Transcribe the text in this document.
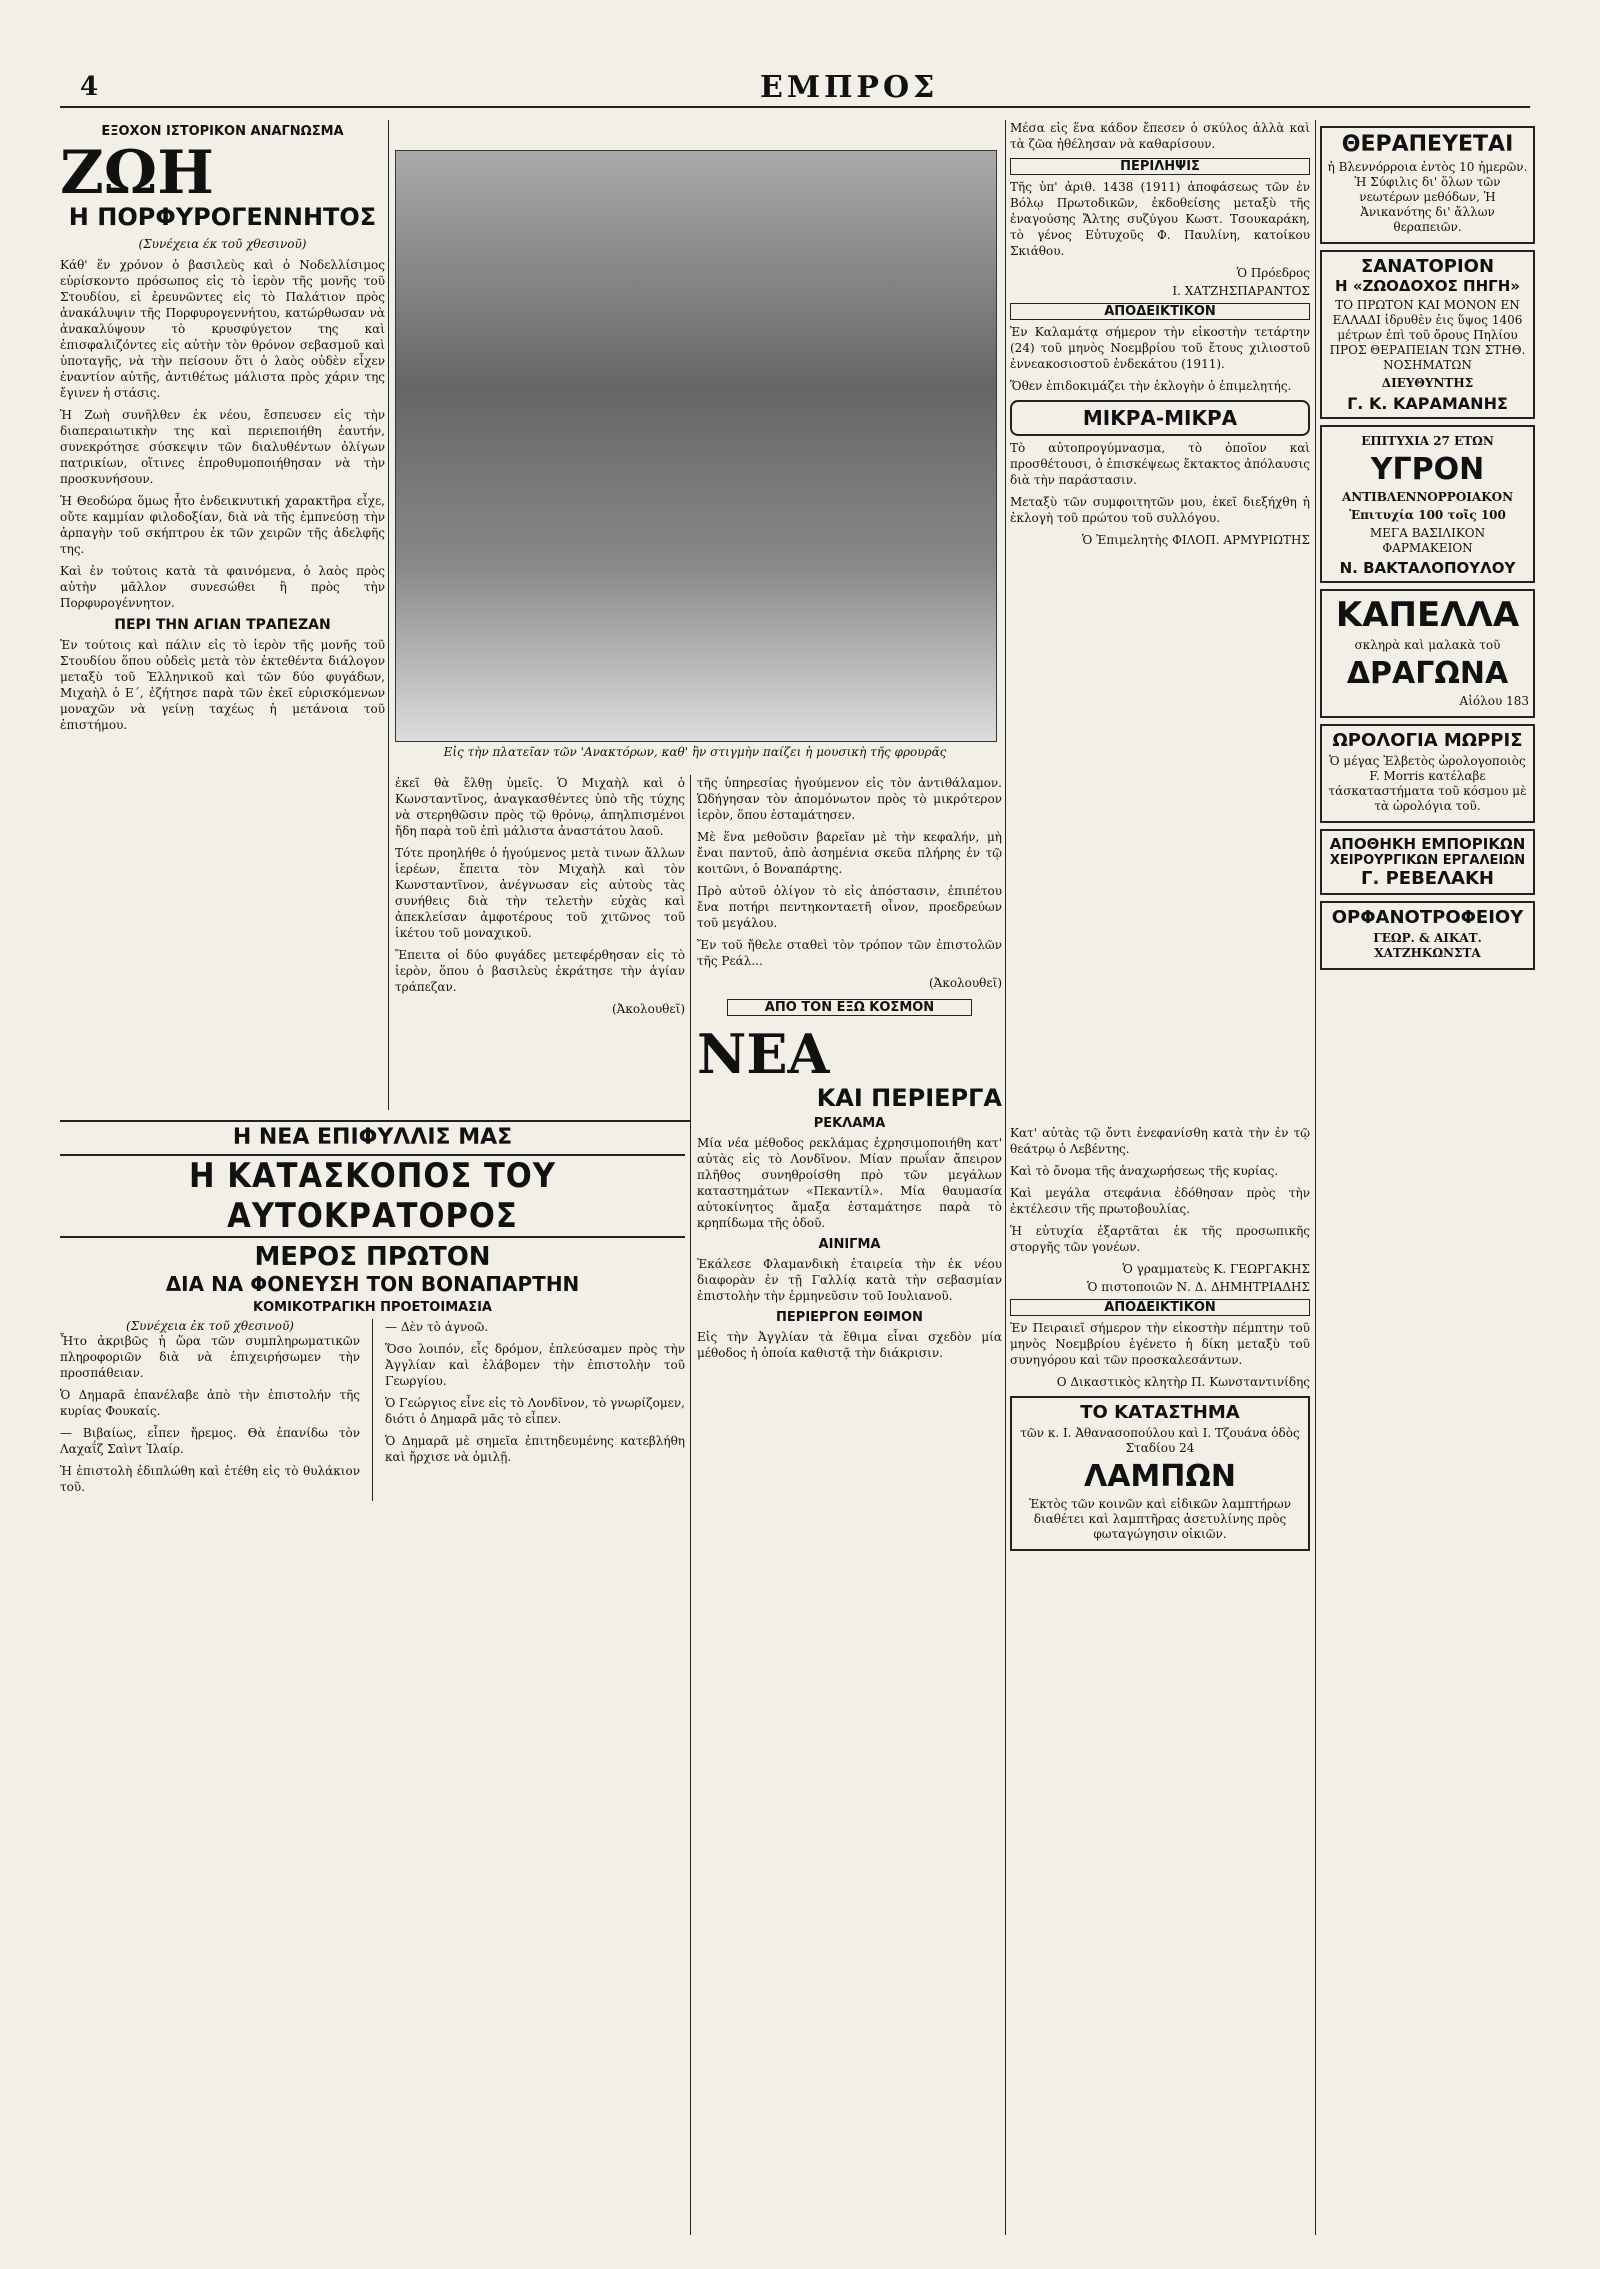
4	ΕΜΠΡΟΣ
ΕΞΟΧΟΝ ΙΣΤΟΡΙΚΟΝ ΑΝΑΓΝΩΣΜΑ
ΖΩΗ
Η ΠΟΡΦΥΡΟΓΕΝΝΗΤΟΣ
(Συνέχεια έκ τοῦ χθεσινοῦ)

Κάθ' ἕν χρόνον ὁ βασιλεὺς καὶ ὁ Νοδελλίσιμος εὑρίσκοντο πρόσωπος εἰς τὸ ἱερὸν τῆς μονῆς τοῦ Στουδίου, εἰ ἐρευνῶντες εἰς τὸ Παλάτιον πρὸς ἀνακάλυψιν τῆς Πορφυρογεννήτου, κατώρθωσαν νὰ ἀνακαλύψουν τὸ κρυσφύγετον της καὶ ἐπισφαλιζόντες εἰς αὐτὴν τὸν θρόνον σεβασμοῦ καὶ ὑποταγῆς, νὰ τὴν πείσουν ὅτι ὁ λαὸς οὐδὲν εἶχεν ἐναντίον αὐτῆς, ἀντιθέτως μάλιστα πρὸς χάριν της ἔγινεν ἡ στάσις.

Ἡ Ζωὴ συνῆλθεν ἐκ νέου, ἔσπευσεν εἰς τὴν διαπεραιωτικὴν της καὶ περιεποιήθη ἑαυτήν, συνεκρότησε σύσκεψιν τῶν διαλυθέντων ὀλίγων πατρικίων, οἵτινες ἐπροθυμοποιήθησαν νὰ τὴν προσκυνήσουν.

Ἡ Θεοδώρα ὅμως ἦτο ἐνδεικνυτική χαρακτῆρα εἶχε, οὔτε καμμίαν φιλοδοξίαν, διὰ νὰ τῆς ἐμπνεύσῃ τὴν ἁρπαγὴν τοῦ σκήπτρου ἐκ τῶν χειρῶν τῆς ἀδελφῆς της.

Καὶ ἐν τούτοις κατὰ τὰ φαινόμενα, ὁ λαὸς πρὸς αὐτὴν μᾶλλον συνεσώθει ἢ πρὸς τὴν Πορφυρογέννητον.

ΠΕΡΙ ΤΗΝ ΑΓΙΑΝ ΤΡΑΠΕΖΑΝ

Ἐν τούτοις καὶ πάλιν εἰς τὸ ἱερὸν τῆς μονῆς τοῦ Στουδίου ὅπου οὐδεὶς μετὰ τὸν ἐκτεθέντα διάλογον μεταξὺ τοῦ Ἑλληνικοῦ καὶ τῶν δύο φυγάδων, Μιχαὴλ ὁ Ε΄, ἐζήτησε παρὰ τῶν ἐκεῖ εὑρισκόμενων μοναχῶν νὰ γείνῃ ταχέως ἡ μετάνοια τοῦ ἐπιστήμου.

Εἰς τὴν πλατεῖαν τῶν 'Ανακτόρων, καθ' ἣν στιγμὴν παίζει ἡ μουσικὴ τῆς φρουρᾶς

ἐκεῖ θὰ ἔλθῃ ὑμεῖς. Ὁ Μιχαὴλ καὶ ὁ Κωνσταντῖνος, ἀναγκασθέντες ὑπὸ τῆς τύχης νὰ στερηθῶσιν πρὸς τῷ θρόνῳ, ἀπηλπισμένοι ἤδη παρὰ τοῦ ἐπὶ μάλιστα ἀναστάτου λαοῦ.

Τότε προηλήθε ὁ ἡγούμενος μετὰ τινων ἄλλων ἱερέων, ἔπειτα τὸν Μιχαὴλ καὶ τὸν Κωνσταντῖνον, ἀνέγνωσαν εἰς αὐτοὺς τὰς συνήθεις διὰ τὴν τελετὴν εὐχὰς καὶ ἀπεκλείσαν ἀμφοτέρους τοῦ χιτῶνος τοῦ ἱκέτου τοῦ μοναχικοῦ.

Ἔπειτα οἱ δύο φυγάδες μετεφέρθησαν εἰς τὸ ἱερὸν, ὅπου ὁ βασιλεὺς ἐκράτησε τὴν ἁγίαν τράπεζαν.

(Ἀκολουθεῖ)

τῆς ὑπηρεσίας ἡγούμενον εἰς τὸν ἀντιθάλαμον. Ὡδήγησαν τὸν ἀπομόνωτον πρὸς τὸ μικρότερον ἱερὸν, ὅπου ἐσταμάτησεν.

Μὲ ἕνα μεθοῦσιν βαρεῖαν μὲ τὴν κεφαλήν, μὴ ἔναι παντοῦ, ἀπὸ ἀσημένια σκεῦα πλήρης ἐν τῷ κοιτῶνι, ὁ Βοναπάρτης.

Πρὸ αὐτοῦ ὀλίγον τὸ εἰς ἀπόστασιν, ἐπιπέτου ἔνα ποτήρι πεντηκονταετῆ οἶνον, προεδρεύων τοῦ μεγάλου.

Ἔν τοῦ ἤθελε σταθεὶ τὸν τρόπον τῶν ἐπιστολῶν τῆς Ρεάλ...

(Ἀκολουθεῖ)
ΑΠΟ ΤΟΝ ΕΞΩ ΚΟΣΜΟΝ
ΝΕΑ
ΚΑΙ ΠΕΡΙΕΡΓΑ
ΡΕΚΛΑΜΑ

Μία νέα μέθοδος ρεκλάμας ἐχρησιμοποιήθη κατ' αὐτὰς εἰς τὸ Λονδῖνον. Μίαν πρωΐαν ἄπειρον πλῆθος συνηθροίσθη πρὸ τῶν μεγάλων καταστημάτων «Πεκαντίλ». Μία θαυμασία αὐτοκίνητος ἄμαξα ἐσταμάτησε παρὰ τὸ κρηπίδωμα τῆς ὁδοῦ.

ΑΙΝΙΓΜΑ

Ἐκάλεσε Φλαμανδικὴ ἐταιρεία τὴν ἐκ νέου διαφορὰν ἐν τῇ Γαλλίᾳ κατὰ τὴν σεβασμίαν ἐπιστολὴν τὴν ἑρμηνεῦσιν τοῦ Ιουλιανοῦ.

ΠΕΡΙΕΡΓΟΝ ΕΘΙΜΟΝ

Εἰς τὴν Ἀγγλίαν τὰ ἔθιμα εἶναι σχεδὸν μία μέθοδος ἡ ὁποία καθιστᾷ τὴν διάκρισιν.

Μέσα εἰς ἕνα κάδον ἔπεσεν ὁ σκύλος ἀλλὰ καὶ τὰ ζῶα ἠθέλησαν νὰ καθαρίσουν.

ΠΕΡΙΛΗΨΙΣ

Τῆς ὑπ' ἀριθ. 1438 (1911) ἀποφάσεως τῶν ἐν Βόλῳ Πρωτοδικῶν, ἐκδοθείσης μεταξὺ τῆς ἐναγούσης Ἄλτης συζύγου Κωστ. Τσουκαράκη, τὸ γένος Εὐτυχοῦς Φ. Παυλίνη, κατοίκου Σκιάθου.

Ὁ Πρόεδρος
Ι. ΧΑΤΖΗΣΠΑΡΑΝΤΟΣ
ΑΠΟΔΕΙΚΤΙΚΟΝ

Ἐν Καλαμάτᾳ σήμερον τὴν εἰκοστὴν τετάρτην (24) τοῦ μηνὸς Νοεμβρίου τοῦ ἔτους χιλιοστοῦ ἐννεακοσιοστοῦ ἑνδεκάτου (1911).

Ὅθεν ἐπιδοκιμάζει τὴν ἐκλογὴν ὁ ἐπιμελητής.

ΜΙΚΡΑ-ΜΙΚΡΑ

Τὸ αὐτοπρογύμνασμα, τὸ ὁποῖον καὶ προσθέτουσι, ὁ ἐπισκέψεως ἔκτακτος ἀπόλαυσις διὰ τὴν παράστασιν.

Μεταξὺ τῶν συμφοιτητῶν μου, ἐκεῖ διεξήχθη ἡ ἐκλογὴ τοῦ πρώτου τοῦ συλλόγου.

Ὁ Ἐπιμελητὴς ΦΙΛΟΠ. ΑΡΜΥΡΙΩΤΗΣ

Κατ' αὐτὰς τῷ ὄντι ἐνεφανίσθη κατὰ τὴν ἐν τῷ θεάτρῳ ὁ Λεβέντης.

Καὶ τὸ ὄνομα τῆς ἀναχωρήσεως τῆς κυρίας.

Καὶ μεγάλα στεφάνια ἐδόθησαν πρὸς τὴν ἐκτέλεσιν τῆς πρωτοβουλίας.

Ἡ εὐτυχία ἐξαρτᾶται ἐκ τῆς προσωπικῆς στοργῆς τῶν γονέων.

Ὁ γραμματεὺς Κ. ΓΕΩΡΓΑΚΗΣ
Ὁ πιστοποιῶν Ν. Δ. ΔΗΜΗΤΡΙΑΔΗΣ
ΑΠΟΔΕΙΚΤΙΚΟΝ

Ἐν Πειραιεῖ σήμερον τὴν εἰκοστὴν πέμπτην τοῦ μηνὸς Νοεμβρίου ἐγένετο ἡ δίκη μεταξὺ τοῦ συνηγόρου καὶ τῶν προσκαλεσάντων.

Ο Δικαστικὸς κλητὴρ Π. Κωνσταντινίδης
ΤΟ ΚΑΤΑΣΤΗΜΑ
τῶν κ. Ι. Ἀθανασοπούλου καὶ Ι. Τζουάνα ὁδὸς Σταδίου 24
ΛΑΜΠΩΝ
Ἐκτὸς τῶν κοινῶν καὶ εἰδικῶν λαμπτήρων διαθέτει καὶ λαμπτῆρας ἀσετυλίνης πρὸς φωταγώγησιν οἰκιῶν.
ΘΕΡΑΠΕΥΕΤΑΙ
ἡ Βλεννόρροια ἐντὸς 10 ἡμερῶν. Ἡ Σύφιλις δι' ὅλων τῶν νεωτέρων μεθόδων, Ἡ Ἀνικανότης δι' ἄλλων θεραπειῶν.
ΣΑΝΑΤΟΡΙΟΝ
Η «ΖΩΟΔΟΧΟΣ ΠΗΓΗ»
ΤΟ ΠΡΩΤΟΝ ΚΑΙ ΜΟΝΟΝ ΕΝ ΕΛΛΑΔΙ ἱδρυθὲν ἐις ὕψος 1406 μέτρων ἐπὶ τοῦ ὄρους Πηλίου ΠΡΟΣ ΘΕΡΑΠΕΙΑΝ ΤΩΝ ΣΤΗΘ. ΝΟΣΗΜΑΤΩΝ
ΔΙΕΥΘΥΝΤΗΣ
Γ. Κ. ΚΑΡΑΜΑΝΗΣ
ΕΠΙΤΥΧΙΑ 27 ΕΤΩΝ
ΥΓΡΟΝ
ΑΝΤΙΒΛΕΝΝΟΡΡΟΙΑΚΟΝ
Ἐπιτυχία 100 τοῖς 100
ΜΕΓΑ ΒΑΣΙΛΙΚΟΝ ΦΑΡΜΑΚΕΙΟΝ
Ν. ΒΑΚΤΑΛΟΠΟΥΛΟΥ
ΚΑΠΕΛΛΑ
σκληρὰ καὶ μαλακὰ τοῦ
ΔΡΑΓΩΝΑ
Αἰόλου 183
ΩΡΟΛΟΓΙΑ ΜΩΡΡΙΣ
Ὁ μέγας Ἐλβετὸς ὡρολογοποιὸς F. Morris κατέλαβε τάσκαταστήματα τοῦ κόσμου μὲ τὰ ὡρολόγια τοῦ.
ΑΠΟΘΗΚΗ ΕΜΠΟΡΙΚΩΝ
ΧΕΙΡΟΥΡΓΙΚΩΝ ΕΡΓΑΛΕΙΩΝ
Γ. ΡΕΒΕΛΑΚΗ
ΟΡΦΑΝΟΤΡΟΦΕΙΟΥ
ΓΕΩΡ. & ΑΙΚΑΤ. ΧΑΤΖΗΚΩΝΣΤΑ
Η ΝΕΑ ΕΠΙΦΥΛΛΙΣ ΜΑΣ
Η ΚΑΤΑΣΚΟΠΟΣ ΤΟΥ ΑΥΤΟΚΡΑΤΟΡΟΣ
ΜΕΡΟΣ ΠΡΩΤΟΝ
ΔΙΑ ΝΑ ΦΟΝΕΥΣΗ ΤΟΝ ΒΟΝΑΠΑΡΤΗΝ
ΚΟΜΙΚΟΤΡΑΓΙΚΗ ΠΡΟΕΤΟΙΜΑΣΙΑ
(Συνέχεια ἐκ τοῦ χθεσινοῦ)

Ἦτο ἀκριβῶς ἡ ὥρα τῶν συμπληρωματικῶν πληροφοριῶν διὰ νὰ ἐπιχειρήσωμεν τὴν προσπάθειαν.

Ὁ Δημαρᾶ ἐπανέλαβε ἀπὸ τὴν ἐπιστολήν τῆς κυρίας Φουκαίς.

— Βιβαίως, εἶπεν ἤρεμος. Θὰ ἐπανίδω τὸν Λαχαΐζ Σαὶντ Ἰλαίρ.

Ἡ ἐπιστολὴ ἐδιπλώθη καὶ ἐτέθη εἰς τὸ θυλάκιον τοῦ.

— Δὲν τὸ ἀγνοῶ.

Ὅσο λοιπόν, εἶς δρόμον, ἐπλεύσαμεν πρὸς τὴν Ἀγγλίαν καὶ ἐλάβομεν τὴν ἐπιστολὴν τοῦ Γεωργίου.

Ὁ Γεώργιος εἶνε εἰς τὸ Λονδῖνον, τὸ γνωρίζομεν, διότι ὁ Δημαρᾶ μᾶς τὸ εἶπεν.

Ὁ Δημαρᾶ μὲ σημεῖα ἐπιτηδευμένης κατεβλήθη καὶ ἤρχισε νὰ ὁμιλῇ.
